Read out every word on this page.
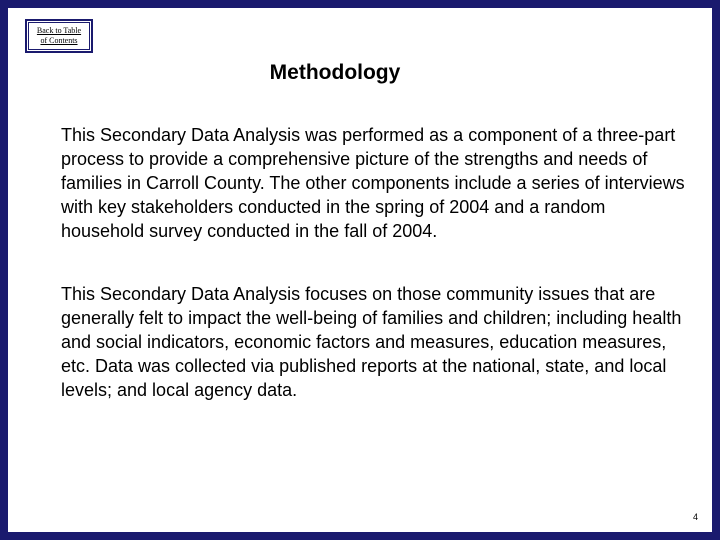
Back to Table
of Contents
Methodology

This Secondary Data Analysis was performed as a component of a three-part process to provide a comprehensive picture of the strengths and needs of families in Carroll County. The other components include a series of interviews with key stakeholders conducted in the spring of 2004 and a random household survey conducted in the fall of 2004.

This Secondary Data Analysis focuses on those community issues that are generally felt to impact the well-being of families and children; including health and social indicators, economic factors and measures, education measures, etc. Data was collected via published reports at the national, state, and local levels; and local agency data.

4
